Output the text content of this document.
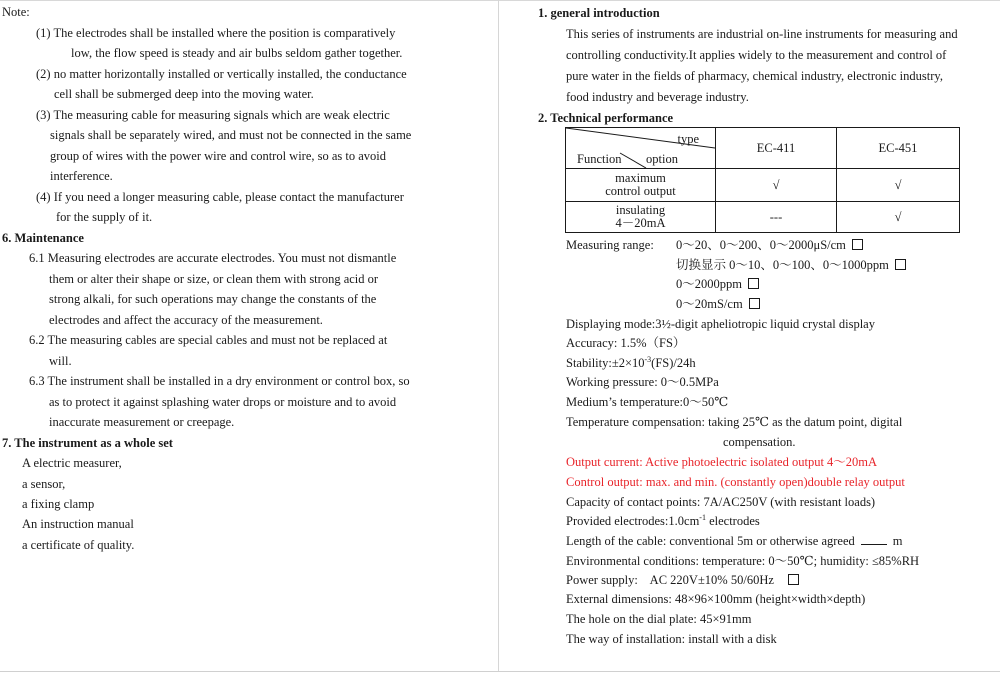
Note:
(1) The electrodes shall be installed where the position is comparatively
low, the flow speed is steady and air bulbs seldom gather together.
(2) no matter horizontally installed or vertically installed, the conductance
cell shall be submerged deep into the moving water.
(3) The measuring cable for measuring signals which are weak electric
signals shall be separately wired, and must not be connected in the same
group of wires with the power wire and control wire, so as to avoid
interference.
(4) If you need a longer measuring cable, please contact the manufacturer
for the supply of it.
6. Maintenance
6.1 Measuring electrodes are accurate electrodes. You must not dismantle
them or alter their shape or size, or clean them with strong acid or
strong alkali, for such operations may change the constants of the
electrodes and affect the accuracy of the measurement.
6.2 The measuring cables are special cables and must not be replaced at
will.
6.3 The instrument shall be installed in a dry environment or control box, so
as to protect it against splashing water drops or moisture and to avoid
inaccurate measurement or creepage.
7. The instrument as a whole set
A electric measurer,
a sensor,
a fixing clamp
An instruction manual
a certificate of quality.
1. general introduction
This series of instruments are industrial on-line instruments for measuring and
controlling conductivity.It applies widely to the measurement and control of
pure water in the fields of pharmacy, chemical industry, electronic industry,
food industry and beverage industry.
2. Technical performance
type
Function option	EC-411	EC-451
maximum
control output	√	√
insulating
4－20mA	---	√
Measuring range: 0～20、0～200、0～2000μS/cm
切换显示 0～10、0～100、0～1000ppm
0～2000ppm
0～20mS/cm
Displaying mode:3½-digit apheliotropic liquid crystal display
Accuracy: 1.5%（FS）
$Stability:\pm 2\times 10^{-3}(FS)/24h$
Working pressure: 0～0.5MPa
Medium’s temperature:0～50℃
Temperature compensation: taking 25℃ as the datum point, digital
compensation.
Output current: Active photoelectric isolated output 4～20mA
Control output: max. and min. (constantly open)double relay output
Capacity of contact points: 7A/AC250V (with resistant loads)
Provided $electrodes:1.0cm^{-1}$ electrodes
Length of the cable: conventional 5m or otherwise agreed	m
Environmental conditions: temperature: 0～50℃; humidity: ≤85%RH
Power supply:    AC 220V±10% 50/60Hz
External dimensions: 48×96×100mm (height×width×depth)
The hole on the dial plate: 45×91mm
The way of installation: install with a disk
